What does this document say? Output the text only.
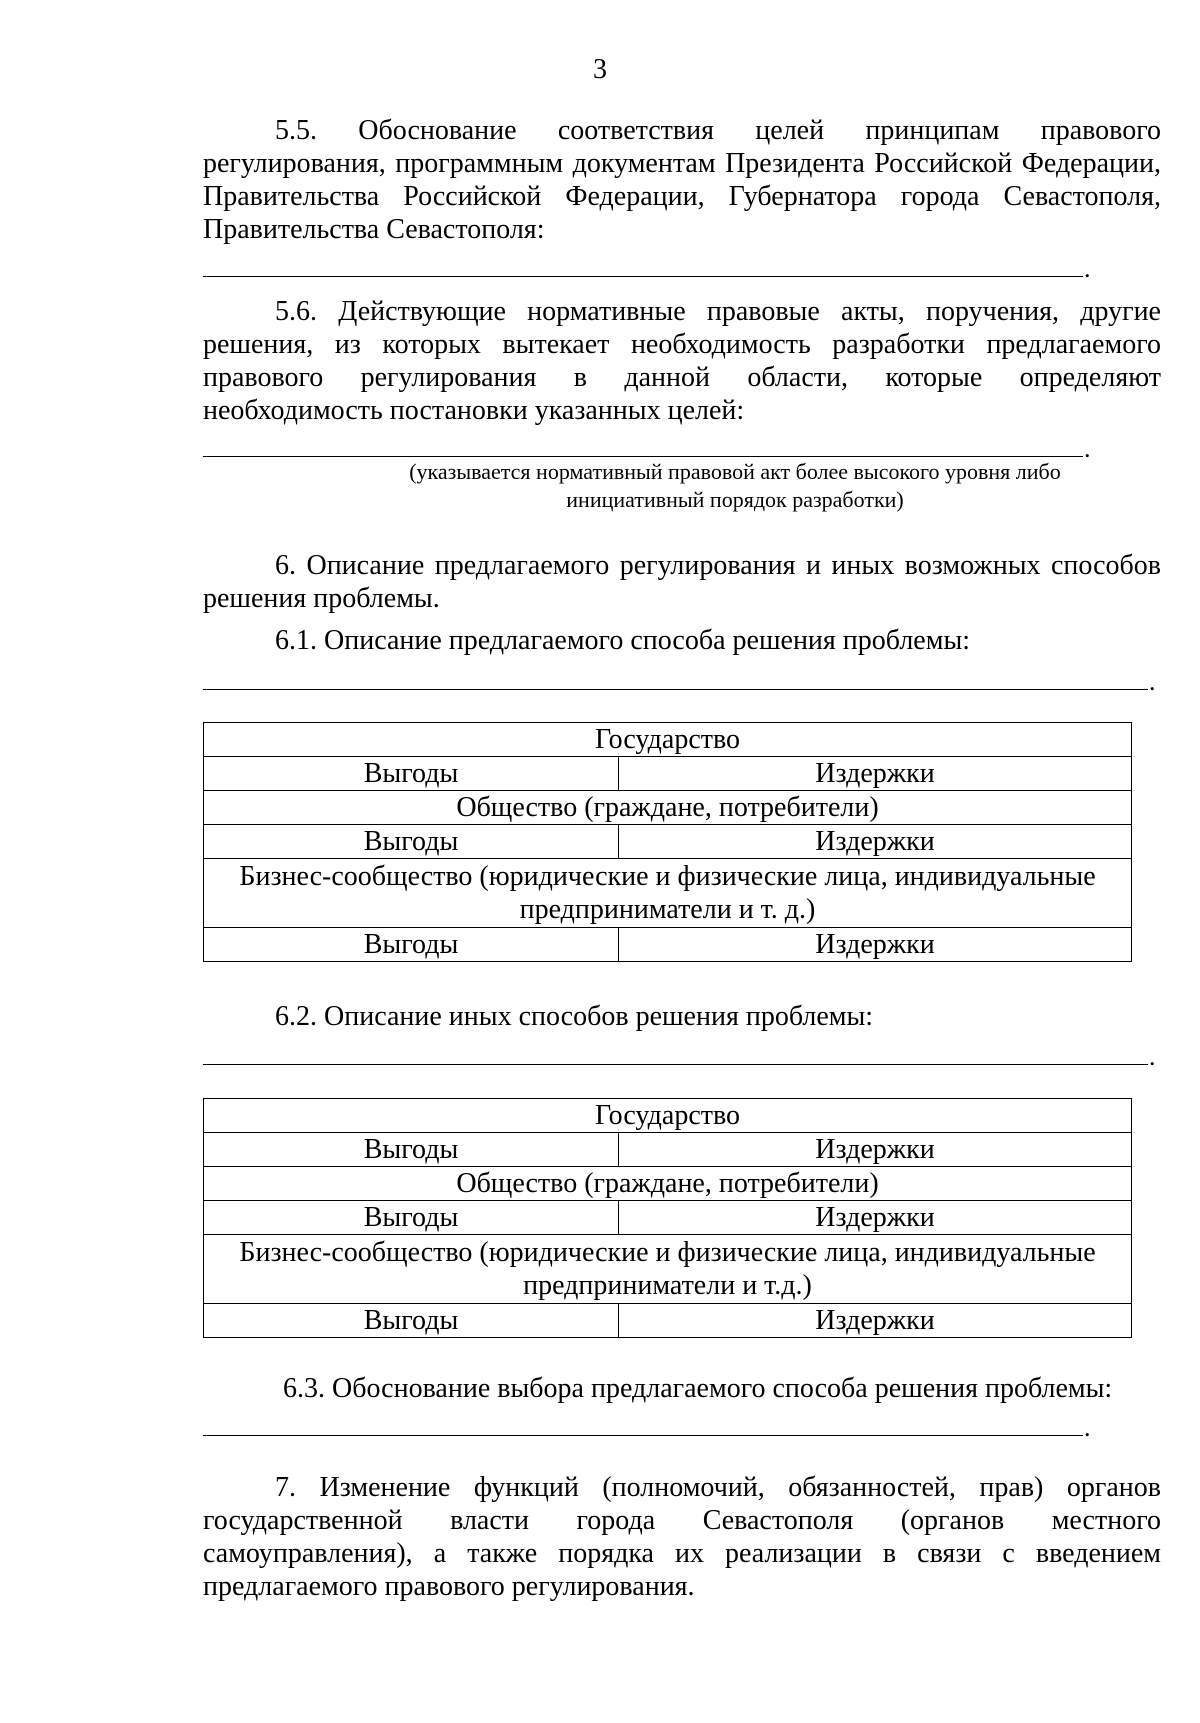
3
5.5. Обоснование соответствия целей принципам правового регулирования, программным документам Президента Российской Федерации, Правительства Российской Федерации, Губернатора города Севастополя, Правительства Севастополя:
.
5.6. Действующие нормативные правовые акты, поручения, другие решения, из которых вытекает необходимость разработки предлагаемого правового регулирования в данной области, которые определяют необходимость постановки указанных целей:
.
(указывается нормативный правовой акт более высокого уровня либо
инициативный порядок разработки)
6. Описание предлагаемого регулирования и иных возможных способов решения проблемы.
6.1. Описание предлагаемого способа решения проблемы:
.
Государство	
Выгоды	Издержки
Общество (граждане, потребители)	
Выгоды	Издержки
Бизнес-сообщество (юридические и физические лица, индивидуальные предприниматели и т. д.)	
Выгоды	Издержки
6.2. Описание иных способов решения проблемы:
.
Государство	
Выгоды	Издержки
Общество (граждане, потребители)	
Выгоды	Издержки
Бизнес-сообщество (юридические и физические лица, индивидуальные предприниматели и т.д.)	
Выгоды	Издержки
6.3. Обоснование выбора предлагаемого способа решения проблемы:
.
7. Изменение функций (полномочий, обязанностей, прав) органов государственной власти города Севастополя (органов местного самоуправления), а также порядка их реализации в связи с введением предлагаемого правового регулирования.
